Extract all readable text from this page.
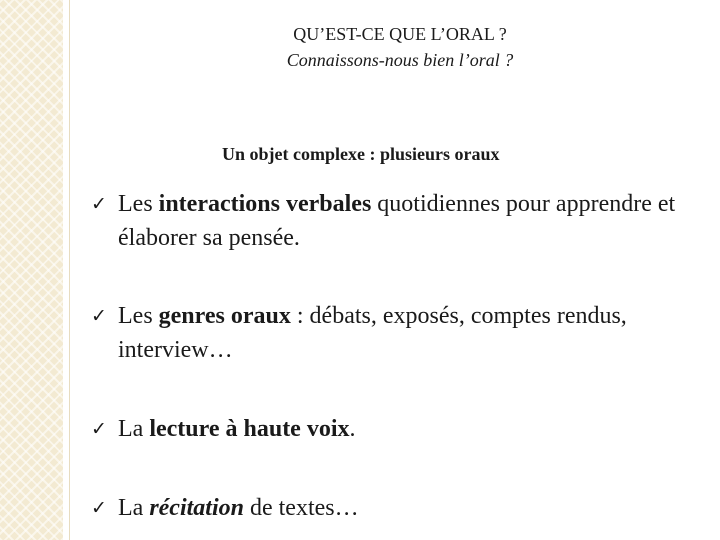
QU’EST-CE QUE L’ORAL ?
Connaissons-nous bien l’oral ?
Un objet complexe : plusieurs oraux
✓ Les interactions verbales quotidiennes pour apprendre et élaborer sa pensée.
✓ Les genres oraux : débats, exposés, comptes rendus, interview…
✓ La lecture à haute voix.
✓ La récitation de textes…
